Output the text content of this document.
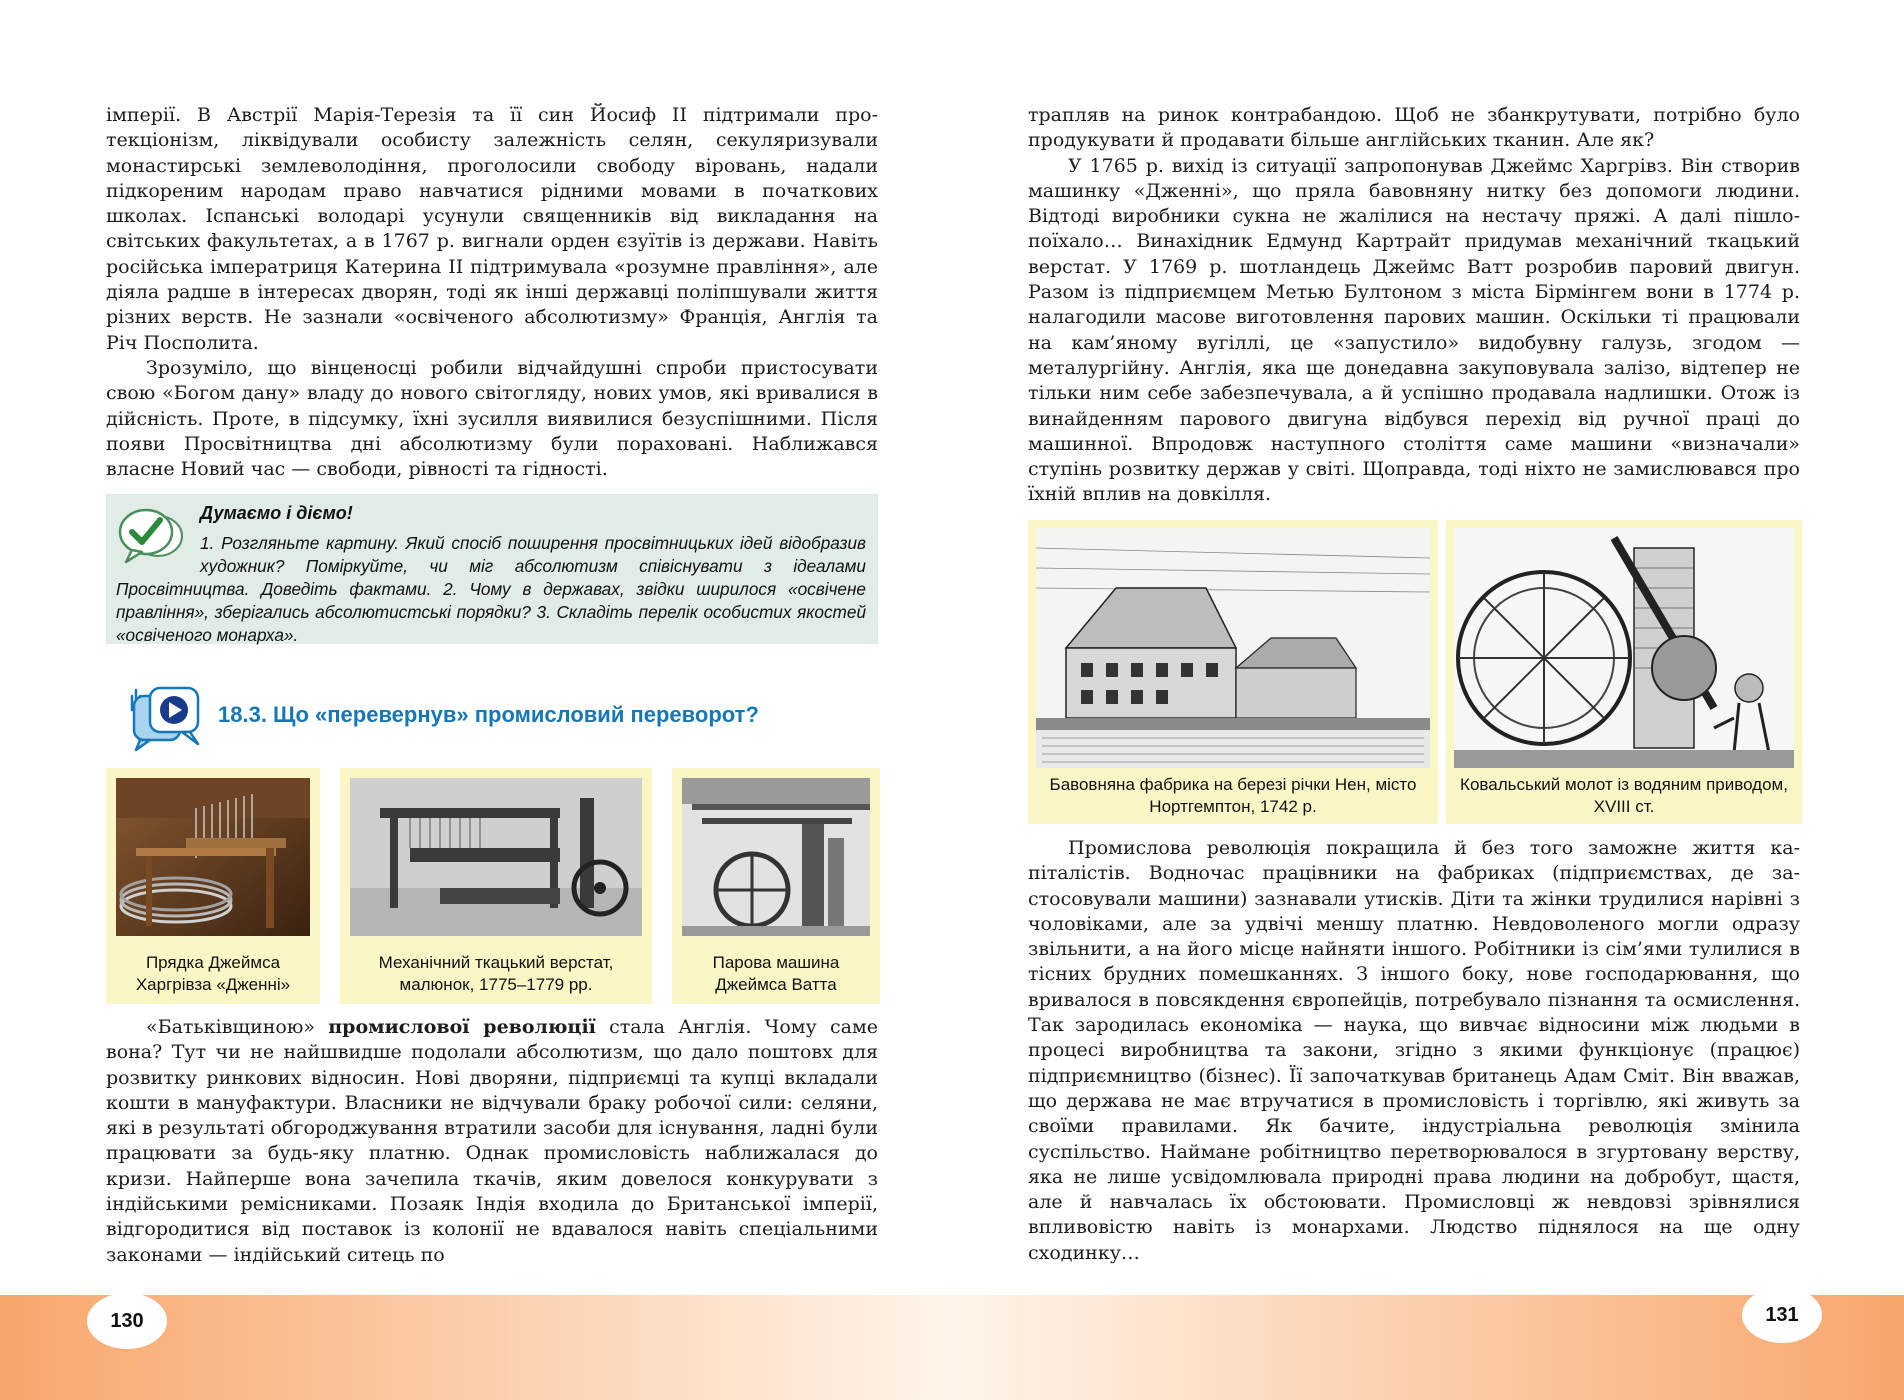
імперії. В Австрії Марія-Терезія та її син Йосиф II підтримали протекціонізм, ліквідували особисту залежність селян, секуляризували монастирські землеволодіння, проголосили свободу віровань, надали підкореним народам право навчатися рідними мовами в початкових школах. Іспанські володарі усунули священників від викладання на світських факультетах, а в 1767 р. вигнали орден єзуїтів із держави. Навіть російська імператриця Катерина II підтримувала «розумне правління», але діяла радше в інтересах дворян, тоді як інші державці поліпшували життя різних верств. Не зазнали «освіченого абсолютизму» Франція, Англія та Річ Посполита.

Зрозуміло, що вінценосці робили відчайдушні спроби пристосувати свою «Богом дану» владу до нового світогляду, нових умов, які вривалися в дійсність. Проте, в підсумку, їхні зусилля виявилися безуспішними. Після появи Просвітництва дні абсолютизму були пораховані. Наближався власне Новий час — свободи, рівності та гідності.

Думаємо і діємо!
1. Розгляньте картину. Який спосіб поширення просвітницьких ідей відобразив художник? Поміркуйте, чи міг абсолютизм співіснувати з ідеалами Просвітництва. Доведіть фактами. 2. Чому в державах, звідки ширилося «освічене правління», зберігались абсолютистські порядки? 3. Складіть перелік особистих якостей «освіченого монарха».
18.3. Що «перевернув» промисловий переворот?
Прядка Джеймса Харгрівза «Дженні»
Механічний ткацький верстат, малюнок, 1775–1779 рр.
Парова машина Джеймса Ватта

«Батьківщиною» промислової революції стала Англія. Чому саме вона? Тут чи не найшвидше подолали абсолютизм, що дало поштовх для розвитку ринкових відносин. Нові дворяни, підприємці та купці вкладали кошти в мануфактури. Власники не відчували браку робочої сили: селяни, які в результаті обгороджування втратили засоби для існування, ладні були працювати за будь-яку платню. Однак промисловість наближалася до кризи. Найперше вона зачепила ткачів, яким довелося конкурувати з індійськими ремісниками. Позаяк Індія входила до Британської імперії, відгородитися від поставок із колонії не вдавалося навіть спеціальними законами — індійський ситець по

трапляв на ринок контрабандою. Щоб не збанкрутувати, потрібно було продукувати й продавати більше англійських тканин. Але як?

У 1765 р. вихід із ситуації запропонував Джеймс Харгрівз. Він створив машинку «Дженні», що пряла бавовняну нитку без допомоги людини. Відтоді виробники сукна не жалілися на нестачу пряжі. А далі пішло-поїхало… Винахідник Едмунд Картрайт придумав механічний ткацький верстат. У 1769 р. шотландець Джеймс Ватт розробив паровий двигун. Разом із підприємцем Метью Бултоном з міста Бірмінгем вони в 1774 р. налагодили масове виготовлення парових машин. Оскільки ті працювали на кам’яному вугіллі, це «запустило» видобувну галузь, згодом — металургійну. Англія, яка ще донедавна закуповувала залізо, відтепер не тільки ним себе забезпечувала, а й успішно продавала надлишки. Отож із винайденням парового двигуна відбувся перехід від ручної праці до машинної. Впродовж наступного століття саме машини «визначали» ступінь розвитку держав у світі. Щоправда, тоді ніхто не замислювався про їхній вплив на довкілля.

Бавовняна фабрика на березі річки Нен, місто Нортгемптон, 1742 р.
Ковальський молот із водяним приводом, XVIII ст.

Промислова революція покращила й без того заможне життя капіталістів. Водночас працівники на фабриках (підприємствах, де застосовували машини) зазнавали утисків. Діти та жінки трудилися нарівні з чоловіками, але за удвічі меншу платню. Невдоволеного могли одразу звільнити, а на його місце найняти іншого. Робітники із сім’ями тулилися в тісних брудних помешканнях. З іншого боку, нове господарювання, що вривалося в повсякдення європейців, потребувало пізнання та осмислення. Так зародилась економіка — наука, що вивчає відносини між людьми в процесі виробництва та закони, згідно з якими функціонує (працює) підприємництво (бізнес). Її започаткував британець Адам Сміт. Він вважав, що держава не має втручатися в промисловість і торгівлю, які живуть за своїми правилами. Як бачите, індустріальна революція змінила суспільство. Наймане робітництво перетворювалося в згуртовану верству, яка не лише усвідомлювала природні права людини на добробут, щастя, але й навчалась їх обстоювати. Промисловці ж невдовзі зрівнялися впливовістю навіть із монархами. Людство піднялося на ще одну сходинку…

130	131
